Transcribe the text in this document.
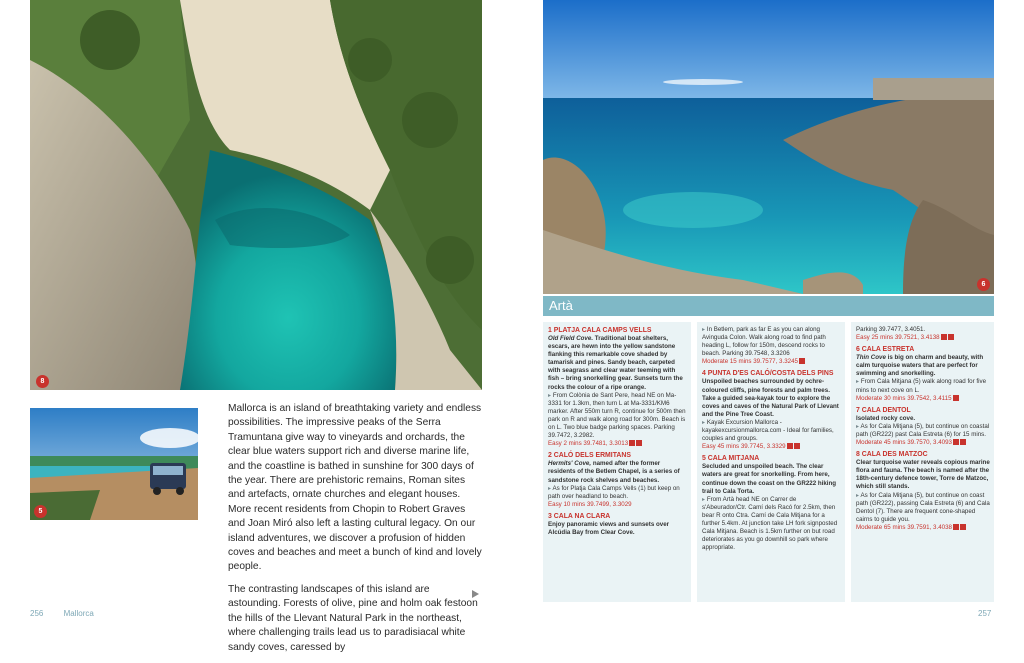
8
5

Mallorca is an island of breathtaking variety and endless possibilities. The impressive peaks of the Serra Tramuntana give way to vineyards and orchards, the clear blue waters support rich and diverse marine life, and the coastline is bathed in sunshine for 300 days of the year. There are prehistoric remains, Roman sites and artefacts, ornate churches and elegant houses. More recent residents from Chopin to Robert Graves and Joan Miró also left a lasting cultural legacy. On our island adventures, we discover a profusion of hidden coves and beaches and meet a bunch of kind and lovely people.

The contrasting landscapes of this island are astounding. Forests of olive, pine and holm oak festoon the hills of the Llevant Natural Park in the northeast, where challenging trails lead us to paradisiacal white sandy coves, caressed by

256	Mallorca
6
Artà
1 PLATJA CALA CAMPS VELLS
Old Field Cove. Traditional boat shelters, escars, are hewn into the yellow sandstone flanking this remarkable cove shaded by tamarisk and pines. Sandy beach, carpeted with seagrass and clear water teeming with fish – bring snorkelling gear. Sunsets turn the rocks the colour of a ripe orange.
▸ From Colònia de Sant Pere, head NE on Ma-3331 for 1.3km, then turn L at Ma-3331/KM6 marker. After 550m turn R, continue for 500m then park on R and walk along road for 300m. Beach is on L. Two blue badge parking spaces. Parking 39.7472, 3.2982.
Easy 2 mins 39.7481, 3.3013
2 CALÓ DELS ERMITANS
Hermits' Cove, named after the former residents of the Betlem Chapel, is a series of sandstone rock shelves and beaches.
▸ As for Platja Cala Camps Vells (1) but keep on path over headland to beach.
Easy 10 mins 39.7499, 3.3029
3 CALA NA CLARA
Enjoy panoramic views and sunsets over Alcúdia Bay from Clear Cove.
▸ In Betlem, park as far E as you can along Avinguda Colon. Walk along road to find path heading L, follow for 150m, descend rocks to beach. Parking 39.7548, 3.3206
Moderate 15 mins 39.7577, 3.3245
4 PUNTA D'ES CALÓ/COSTA DELS PINS
Unspoiled beaches surrounded by ochre-coloured cliffs, pine forests and palm trees. Take a guided sea-kayak tour to explore the coves and caves of the Natural Park of Llevant and the Pine Tree Coast.
▸ Kayak Excursion Mallorca - kayakexcursionmallorca.com - Ideal for families, couples and groups.
Easy 45 mins 39.7745, 3.3329
5 CALA MITJANA
Secluded and unspoiled beach. The clear waters are great for snorkelling. From here, continue down the coast on the GR222 hiking trail to Cala Torta.
▸ From Artà head NE on Carrer de s'Abeurador/Ctr. Camí dels Racó for 2.5km, then bear R onto Ctra. Camí de Cala Mitjana for a further 5.4km. At junction take LH fork signposted Cala Mitjana. Beach is 1.5km further on but road deteriorates as you go downhill so park where appropriate.
Parking 39.7477, 3.4051.
Easy 25 mins 39.7521, 3.4138
6 CALA ESTRETA
Thin Cove is big on charm and beauty, with calm turquoise waters that are perfect for swimming and snorkelling.
▸ From Cala Mitjana (5) walk along road for five mins to next cove on L.
Moderate 30 mins 39.7542, 3.4115
7 CALA DENTOL
Isolated rocky cove.
▸ As for Cala Mitjana (5), but continue on coastal path (GR222) past Cala Estreta (6) for 15 mins.
Moderate 45 mins 39.7570, 3.4093
8 CALA DES MATZOC
Clear turquoise water reveals copious marine flora and fauna. The beach is named after the 18th-century defence tower, Torre de Matzoc, which still stands.
▸ As for Cala Mitjana (5), but continue on coast path (GR222), passing Cala Estreta (6) and Cala Dentol (7). There are frequent cone-shaped cairns to guide you.
Moderate 65 mins 39.7591, 3.4038
257
